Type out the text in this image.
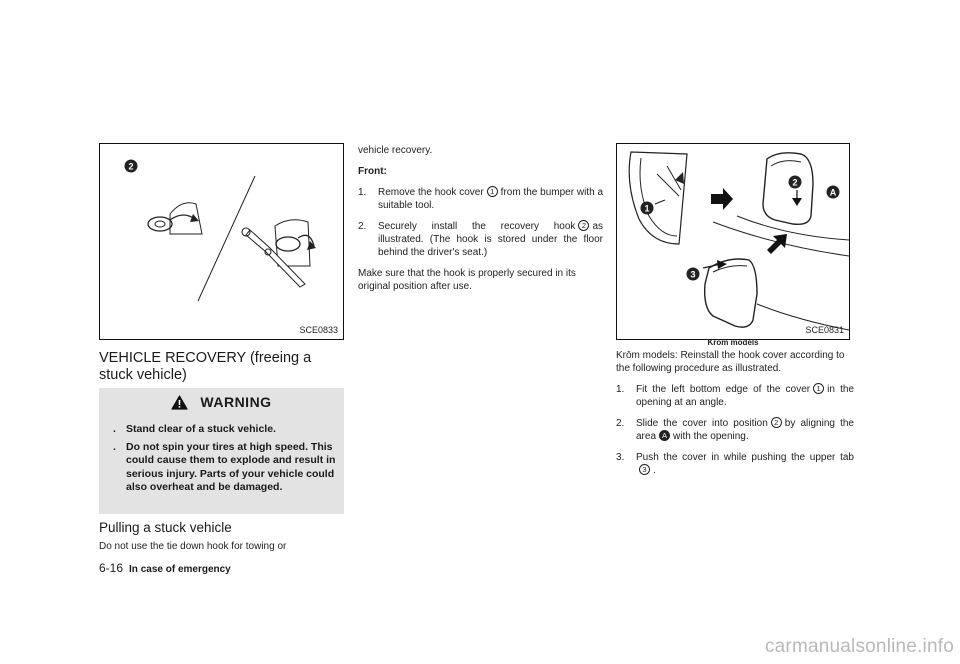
2
SCE0833
VEHICLE RECOVERY (freeing a stuck vehicle)
WARNING
. Stand clear of a stuck vehicle.
. Do not spin your tires at high speed. This could cause them to explode and result in serious injury. Parts of your vehicle could also overheat and be damaged.
Pulling a stuck vehicle
Do not use the tie down hook for towing or
6-16 In case of emergency
vehicle recovery.
Front:
1. Remove the hook cover 1 from the bumper with a suitable tool.
2. Securely install the recovery hook 2 as illustrated. (The hook is stored under the floor behind the driver's seat.)
Make sure that the hook is properly secured in its original position after use.
1
2
A
3
SCE0831
Krōm models
Krōm models: Reinstall the hook cover according to the following procedure as illustrated.
1. Fit the left bottom edge of the cover 1 in the opening at an angle.
2. Slide the cover into position 2 by aligning the area A with the opening.
3. Push the cover in while pushing the upper tab3 .
carmanualsonline.info
